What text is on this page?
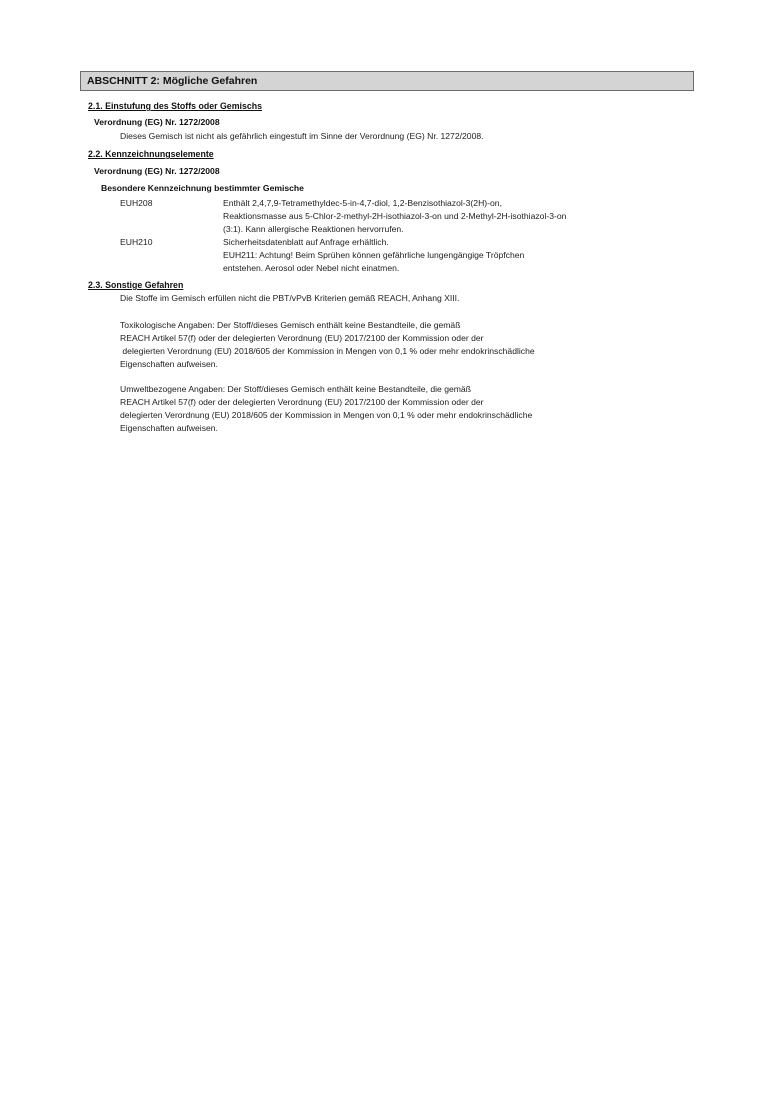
ABSCHNITT 2: Mögliche Gefahren
2.1. Einstufung des Stoffs oder Gemischs
Verordnung (EG) Nr. 1272/2008
Dieses Gemisch ist nicht als gefährlich eingestuft im Sinne der Verordnung (EG) Nr. 1272/2008.
2.2. Kennzeichnungselemente
Verordnung (EG) Nr. 1272/2008
Besondere Kennzeichnung bestimmter Gemische
EUH208	Enthält 2,4,7,9-Tetramethyldec-5-in-4,7-diol, 1,2-Benzisothiazol-3(2H)-on,
Reaktionsmasse aus 5-Chlor-2-methyl-2H-isothiazol-3-on und 2-Methyl-2H-isothiazol-3-on
(3:1). Kann allergische Reaktionen hervorrufen.
EUH210	Sicherheitsdatenblatt auf Anfrage erhältlich.
EUH211: Achtung! Beim Sprühen können gefährliche lungengängige Tröpfchen
entstehen. Aerosol oder Nebel nicht einatmen.
2.3. Sonstige Gefahren
Die Stoffe im Gemisch erfüllen nicht die PBT/vPvB Kriterien gemäß REACH, Anhang XIII.
Toxikologische Angaben: Der Stoff/dieses Gemisch enthält keine Bestandteile, die gemäß
REACH Artikel 57(f) oder der delegierten Verordnung (EU) 2017/2100 der Kommission oder der
delegierten Verordnung (EU) 2018/605 der Kommission in Mengen von 0,1 % oder mehr endokrinschädliche
Eigenschaften aufweisen.
Umweltbezogene Angaben: Der Stoff/dieses Gemisch enthält keine Bestandteile, die gemäß
REACH Artikel 57(f) oder der delegierten Verordnung (EU) 2017/2100 der Kommission oder der
delegierten Verordnung (EU) 2018/605 der Kommission in Mengen von 0,1 % oder mehr endokrinschädliche
Eigenschaften aufweisen.
